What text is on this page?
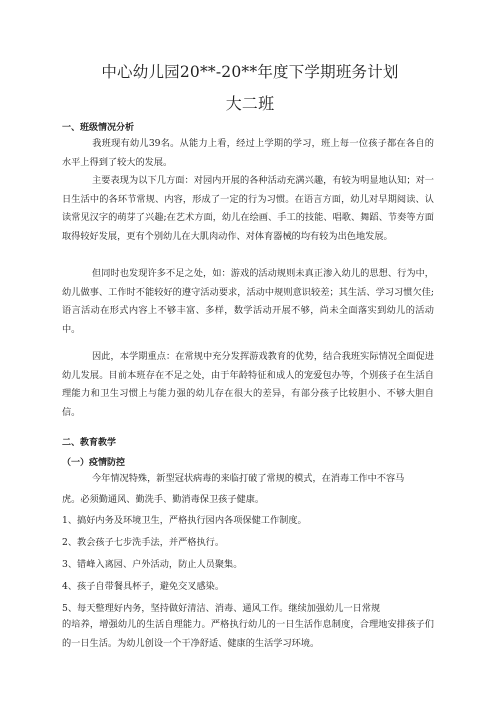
中心幼儿园20**-20**年度下学期班务计划
大二班
一、班级情况分析
我班现有幼儿39名。从能力上看，经过上学期的学习，班上每一位孩子都在各自的水平上得到了较大的发展。
主要表现为以下几方面：对园内开展的各种活动充满兴趣，有较为明显地认知；对一日生活中的各环节常规、内容，形成了一定的行为习惯。在语言方面，幼儿对早期阅读、认读常见汉字的萌芽了兴趣;在艺术方面，幼儿在绘画、手工的技能、唱歌、舞蹈、节奏等方面取得较好发展，更有个别幼儿在大肌肉动作、对体育器械的均有较为出色地发展。
但同时也发现许多不足之处，如：游戏的活动规则未真正渗入幼儿的思想、行为中，幼儿做事、工作时不能较好的遵守活动要求，活动中规则意识较差；其生活、学习习惯欠佳;语言活动在形式内容上不够丰富、多样，数学活动开展不够，尚未全面落实到幼儿的活动中。
因此，本学期重点：在常规中充分发挥游戏教育的优势，结合我班实际情况全面促进幼儿发展。目前本班存在不足之处，由于年龄特征和成人的宠爱包办等，个别孩子在生活自理能力和卫生习惯上与能力强的幼儿存在很大的差异，有部分孩子比较胆小、不够大胆自信。
二、教育教学
（一）疫情防控
今年情况特殊，新型冠状病毒的来临打破了常规的模式，在消毒工作中不容马
虎。必须勤通风、勤洗手、勤消毒保卫孩子健康。
1、搞好内务及环境卫生，严格执行园内各项保健工作制度。
2、教会孩子七步洗手法，并严格执行。
3、错峰入离园、户外活动，防止人员聚集。
4、孩子自带餐具杯子，避免交叉感染。
5、每天整理好内务，坚持做好清洁、消毒、通风工作。继续加强幼儿一日常规
的培养，增强幼儿的生活自理能力。严格执行幼儿的一日生活作息制度，合理地安排孩子们的一日生活。为幼儿创设一个干净舒适、健康的生活学习环境。
